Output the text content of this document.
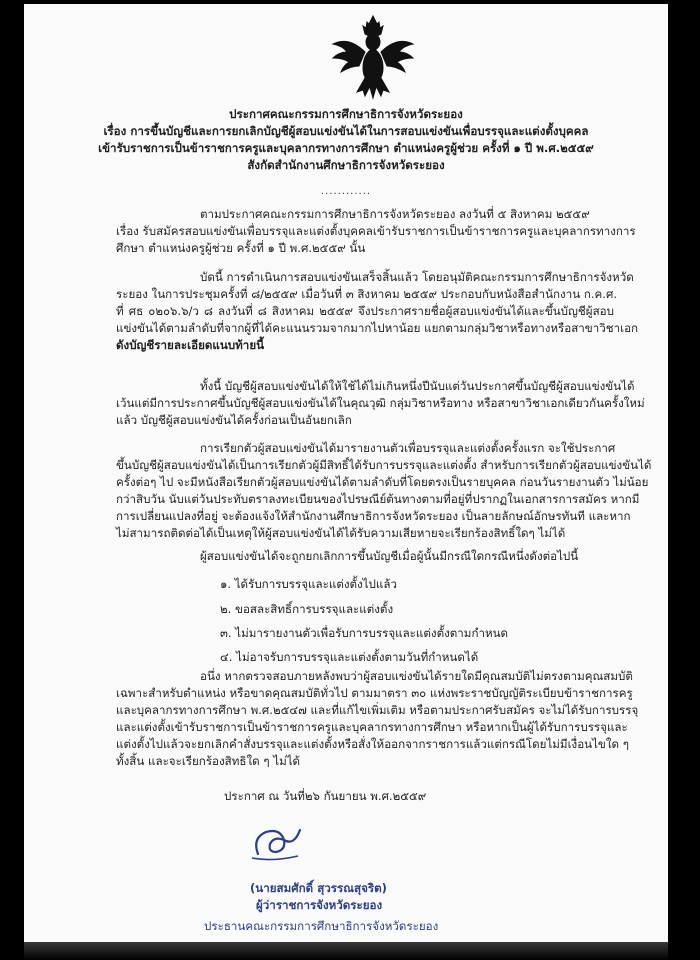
ประกาศคณะกรรมการศึกษาธิการจังหวัดระยอง
เรื่อง การขึ้นบัญชีและการยกเลิกบัญชีผู้สอบแข่งขันได้ในการสอบแข่งขันเพื่อบรรจุและแต่งตั้งบุคคล
เข้ารับราชการเป็นข้าราชการครูและบุคลากรทางการศึกษา ตำแหน่งครูผู้ช่วย ครั้งที่ ๑ ปี พ.ศ.๒๕๕๙
สังกัดสำนักงานศึกษาธิการจังหวัดระยอง
............
ตามประกาศคณะกรรมการศึกษาธิการจังหวัดระยอง ลงวันที่ ๕ สิงหาคม ๒๕๕๙
เรื่อง รับสมัครสอบแข่งขันเพื่อบรรจุและแต่งตั้งบุคคลเข้ารับราชการเป็นข้าราชการครูและบุคลากรทางการ
ศึกษา ตำแหน่งครูผู้ช่วย ครั้งที่ ๑ ปี พ.ศ.๒๕๕๙ นั้น
บัดนี้ การดำเนินการสอบแข่งขันเสร็จสิ้นแล้ว โดยอนุมัติคณะกรรมการศึกษาธิการจังหวัด
ระยอง ในการประชุมครั้งที่ ๘/๒๕๕๙ เมื่อวันที่ ๓ สิงหาคม ๒๕๕๙ ประกอบกับหนังสือสำนักงาน ก.ค.ศ.
ที่ ศธ ๐๒๐๖.๖/ว ๘ ลงวันที่ ๘ สิงหาคม ๒๕๕๙ จึงประกาศรายชื่อผู้สอบแข่งขันได้และขึ้นบัญชีผู้สอบ
แข่งขันได้ตามลำดับที่จากผู้ที่ได้คะแนนรวมจากมากไปหาน้อย แยกตามกลุ่มวิชาหรือทางหรือสาขาวิชาเอก
ดังบัญชีรายละเอียดแนบท้ายนี้
ทั้งนี้ บัญชีผู้สอบแข่งขันได้ให้ใช้ได้ไม่เกินหนึ่งปีนับแต่วันประกาศขึ้นบัญชีผู้สอบแข่งขันได้
เว้นแต่มีการประกาศขึ้นบัญชีผู้สอบแข่งขันได้ในคุณวุฒิ กลุ่มวิชาหรือทาง หรือสาขาวิชาเอกเดียวกันครั้งใหม่
แล้ว บัญชีผู้สอบแข่งขันได้ครั้งก่อนเป็นอันยกเลิก
การเรียกตัวผู้สอบแข่งขันได้มารายงานตัวเพื่อบรรจุและแต่งตั้งครั้งแรก จะใช้ประกาศ
ขึ้นบัญชีผู้สอบแข่งขันได้เป็นการเรียกตัวผู้มีสิทธิ์ได้รับการบรรจุและแต่งตั้ง สำหรับการเรียกตัวผู้สอบแข่งขันได้
ครั้งต่อๆ ไป จะมีหนังสือเรียกตัวผู้สอบแข่งขันได้ตามลำดับที่โดยตรงเป็นรายบุคคล ก่อนวันรายงานตัว ไม่น้อย
กว่าสิบวัน นับแต่วันประทับตราลงทะเบียนของไปรษณีย์ต้นทางตามที่อยู่ที่ปรากฏในเอกสารการสมัคร หากมี
การเปลี่ยนแปลงที่อยู่ จะต้องแจ้งให้สำนักงานศึกษาธิการจังหวัดระยอง เป็นลายลักษณ์อักษรทันที และหาก
ไม่สามารถติดต่อได้เป็นเหตุให้ผู้สอบแข่งขันได้ได้รับความเสียหายจะเรียกร้องสิทธิ์ใดๆ ไม่ได้
ผู้สอบแข่งขันได้จะถูกยกเลิกการขึ้นบัญชีเมื่อผู้นั้นมีกรณีใดกรณีหนึ่งดังต่อไปนี้
๑. ได้รับการบรรจุและแต่งตั้งไปแล้ว
๒. ขอสละสิทธิ์การบรรจุและแต่งตั้ง
๓. ไม่มารายงานตัวเพื่อรับการบรรจุและแต่งตั้งตามกำหนด
๔. ไม่อาจรับการบรรจุและแต่งตั้งตามวันที่กำหนดได้
อนึ่ง หากตรวจสอบภายหลังพบว่าผู้สอบแข่งขันได้รายใดมีคุณสมบัติไม่ตรงตามคุณสมบัติ
เฉพาะสำหรับตำแหน่ง หรือขาดคุณสมบัติทั่วไป ตามมาตรา ๓๐ แห่งพระราชบัญญัติระเบียบข้าราชการครู
และบุคลากรทางการศึกษา พ.ศ.๒๕๔๗ และที่แก้ไขเพิ่มเติม หรือตามประกาศรับสมัคร จะไม่ได้รับการบรรจุ
และแต่งตั้งเข้ารับราชการเป็นข้าราชการครูและบุคลากรทางการศึกษา หรือหากเป็นผู้ได้รับการบรรจุและ
แต่งตั้งไปแล้วจะยกเลิกคำสั่งบรรจุและแต่งตั้งหรือสั่งให้ออกจากราชการแล้วแต่กรณีโดยไม่มีเงื่อนไขใด ๆ
ทั้งสิ้น และจะเรียกร้องสิทธิใด ๆ ไม่ได้
ประกาศ ณ วันที่๒๖ กันยายน พ.ศ.๒๕๕๙
(นายสมศักดิ์ สุวรรณสุจริต)
ผู้ว่าราชการจังหวัดระยอง
ประธานคณะกรรมการศึกษาธิการจังหวัดระยอง
